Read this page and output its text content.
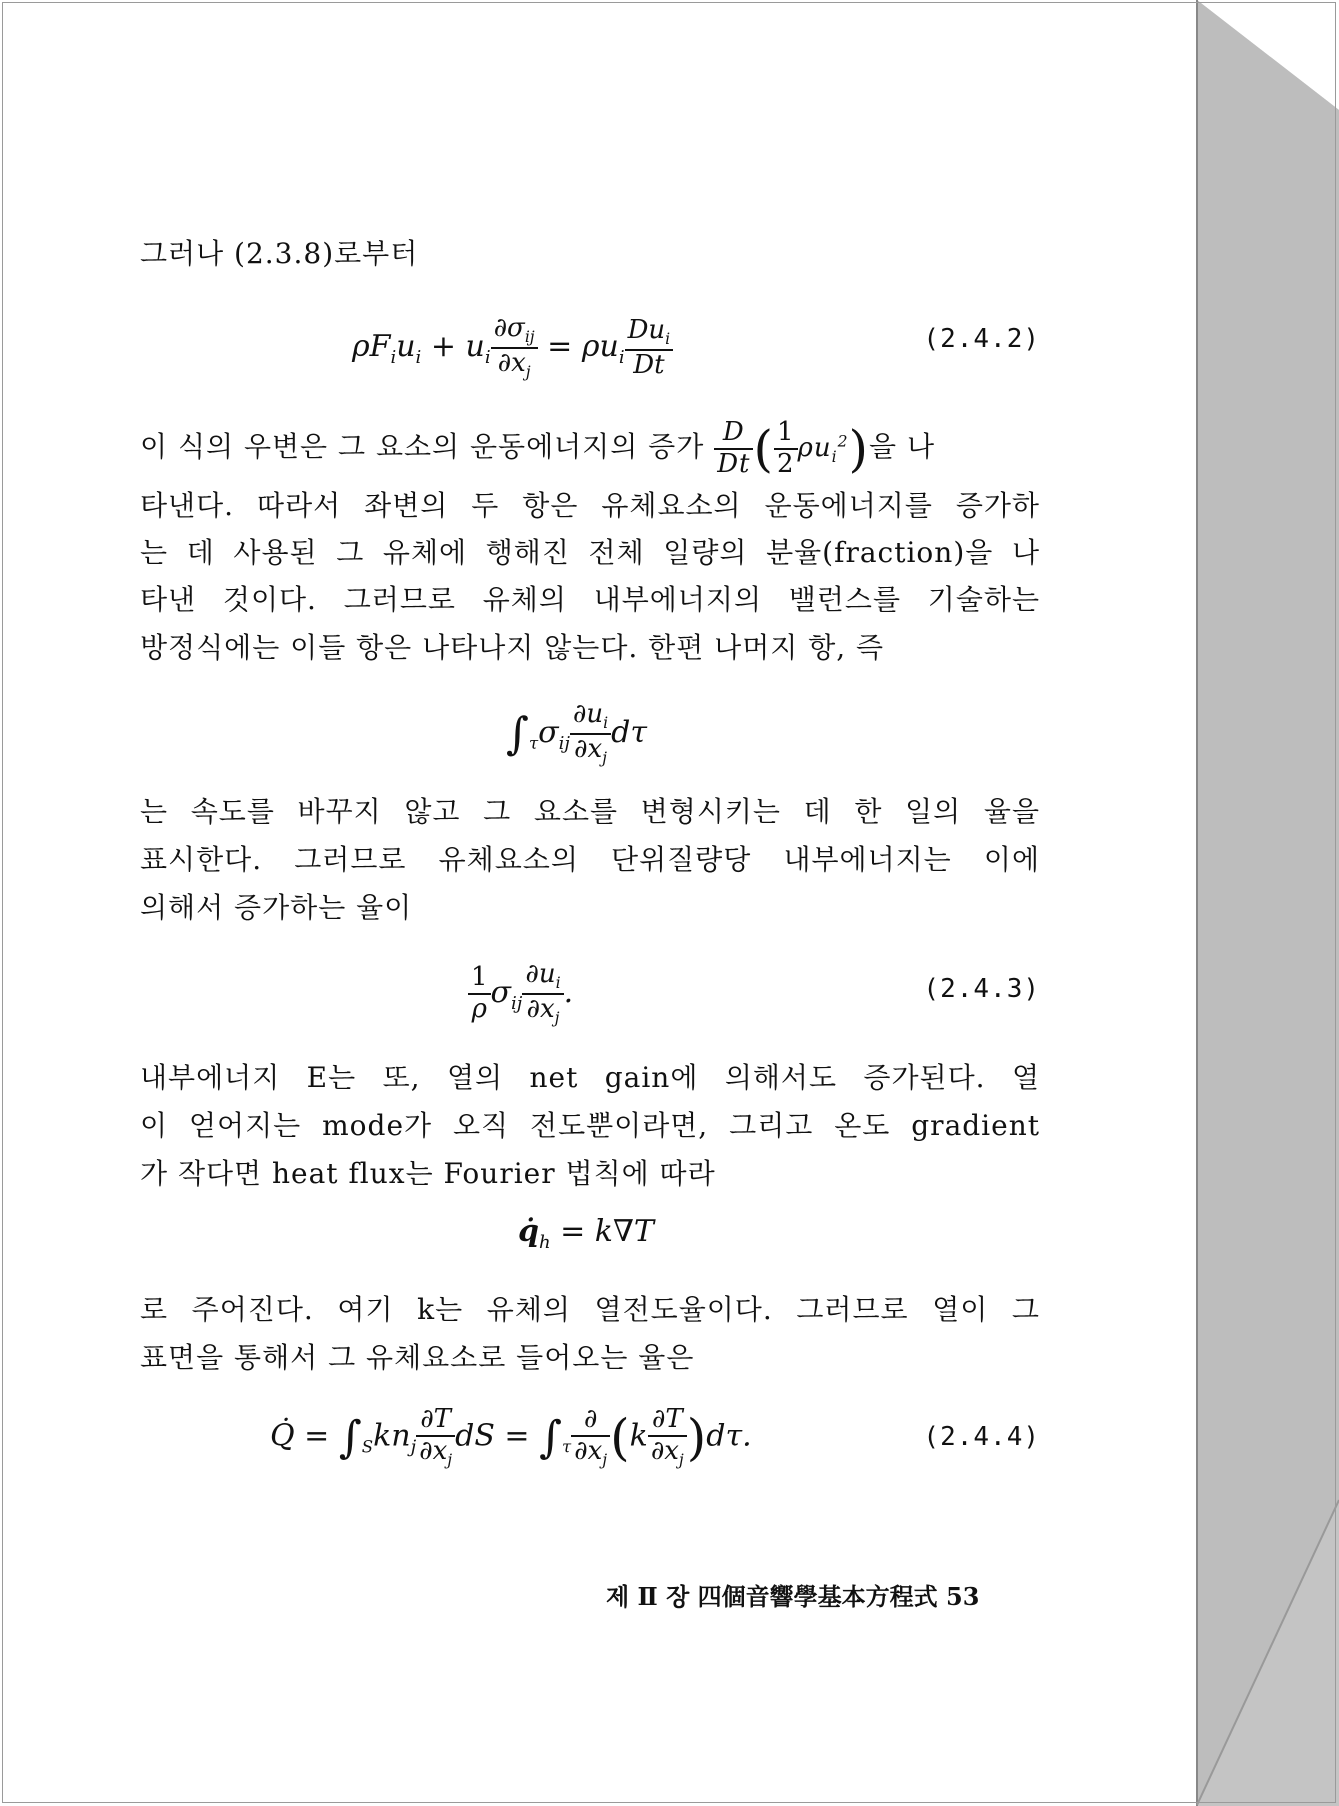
그러나 (2.3.8)로부터
$\rho F_iu_i + u_i \frac{\partial\sigma_{ij}}{\partial x_j} = \rho u_i \frac{Du_i}{Dt}$	(2.4.2)
이 식의 우변은 그 요소의 운동에너지의 증가 $\frac{D}{Dt}$ ( $\frac{1}{2} \rho u_i^2$)을 나
타낸다. 따라서 좌변의 두 항은 유체요소의 운동에너지를 증가하
는 데 사용된 그 유체에 행해진 전체 일량의 분율(fraction)을 나
타낸 것이다. 그러므로 유체의 내부에너지의 밸런스를 기술하는
방정식에는 이들 항은 나타나지 않는다. 한편 나머지 항, 즉
$\int_\tau\sigma_{ij} \frac{\partial u_i}{\partial x_j}$ dτ
는 속도를 바꾸지 않고 그 요소를 변형시키는 데 한 일의 율을
표시한다. 그러므로 유체요소의 단위질량당 내부에너지는 이에
의해서 증가하는 율이
$\frac{1}{\rho} \sigma_{ij} \frac{\partial u_i}{\partial x_j}$ .	(2.4.3)
내부에너지 E는 또, 열의 net gain에 의해서도 증가된다. 열
이 얻어지는 mode가 오직 전도뿐이라면, 그리고 온도 gradient
가 작다면 heat flux는 Fourier 법칙에 따라
$q̇_h = k\nabla T$
로 주어진다. 여기 k는 유체의 열전도율이다. 그러므로 열이 그
표면을 통해서 그 유체요소로 들어오는 율은
Q̇ = $\int_Skn_j \frac{\partial T}{\partial x_j}$ dS = $\int_\tau \frac{\partial}{\partial x_j} (k \frac{\partial T}{\partial x_j} )d\tau$.	(2.4.4)
제 Ⅱ 장 四個音響學基本方程式 53
